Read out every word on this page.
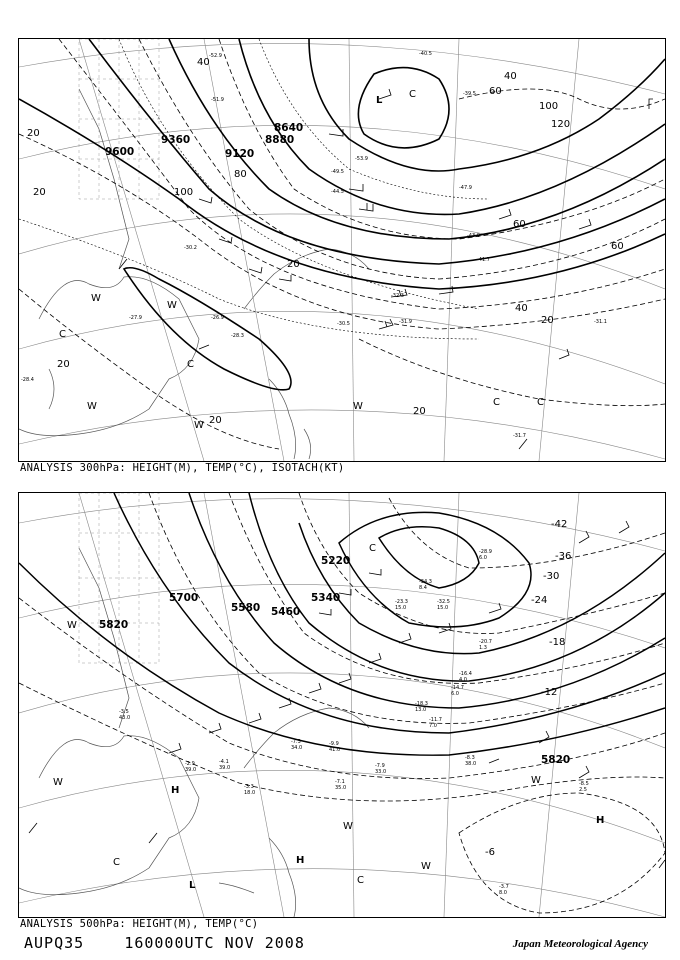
9600
9360
9120
8880
8640
20
20
40
40
60
60
80
100
100
120
40
20
60
20
20
20
20
C
L
W
C
W
W
W
C
C	C
W
-31.9
-32.3
-30.5
-28.3
-26.9
-30.2
-27.9
-31.1
-31.7
-28.4
-52.9
-51.9
-53.9
-40.5
-39.5
-44.5
-49.5
-47.9
-41.7
-43.0
ANALYSIS 300hPa: HEIGHT(M), TEMP(°C), ISOTACH(KT)
5820
5700
5580 5460
5340
5220
5820
-42
-36
-30
-24
-18
-12
-6
C
W
H
W
C
L
H
C
W
W
W
H
-3.5
43.0
-2.9
39.0
-4.1
39.0
-3.3
18.0
-7.3
34.0
-9.9
41.0
-7.1
35.0
-7.9
33.0
-8.3
38.0
-8.5
2.5
-3.7
8.0
-11.7
7.0
-14.7
6.0
-20.7
1.3
-16.4
4.0
-18.3
13.0
-23.3
15.0
-34.3
8.4
-32.5
15.0
-28.9
6.0
ANALYSIS 500hPa: HEIGHT(M), TEMP(°C)
AUPQ35	160000UTC NOV 2008	Japan Meteorological Agency
